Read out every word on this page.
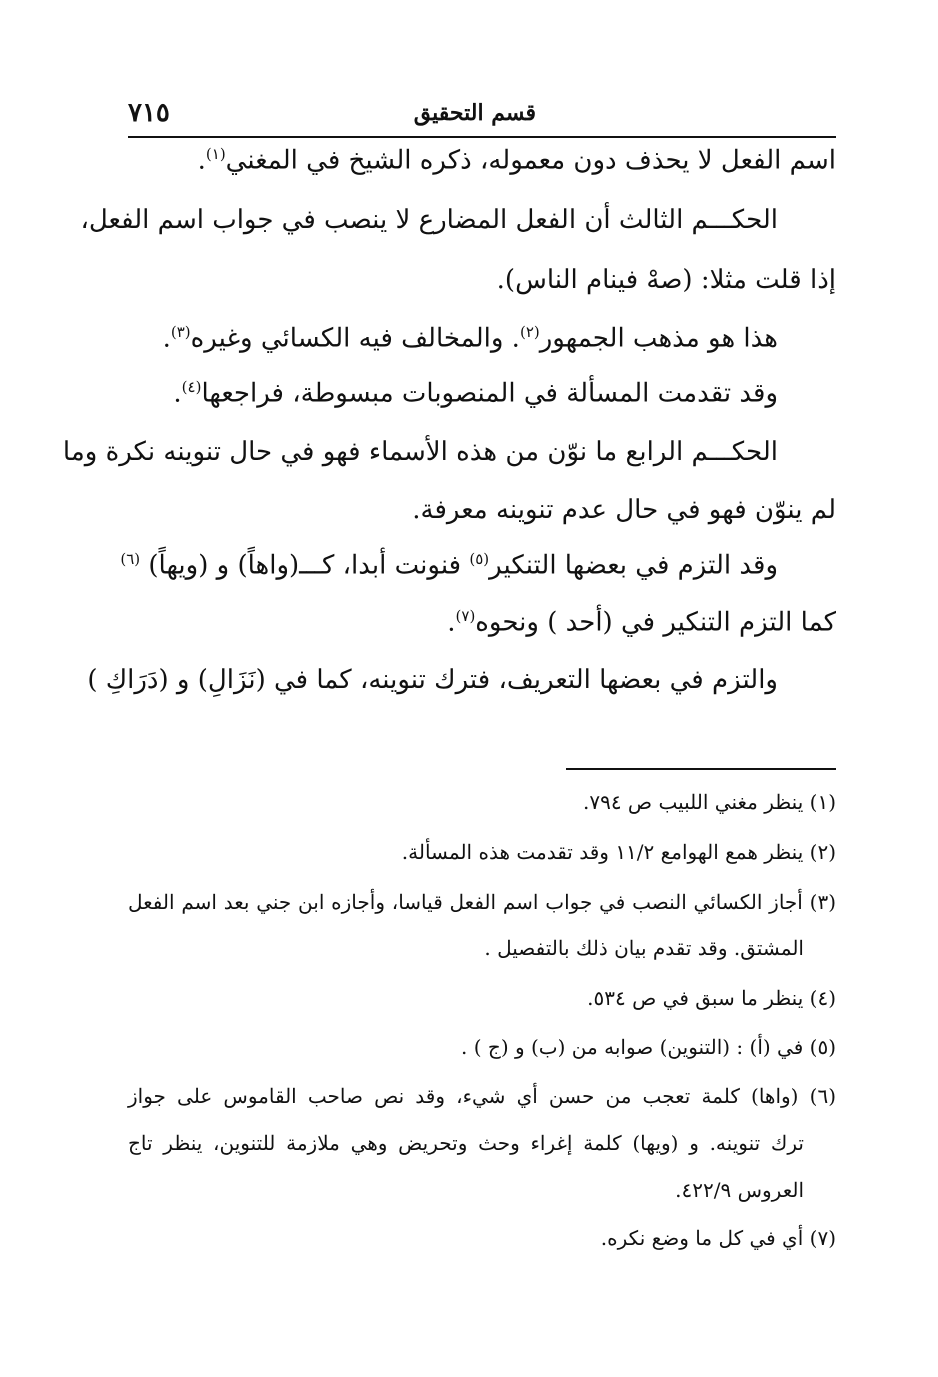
قسم التحقيق
٧١٥
اسم الفعل لا يحذف دون معموله، ذكره الشيخ في المغني$^{(١)}$.
الحكـــم الثالث أن الفعل المضارع لا ينصب في جواب اسم الفعل،
إذا قلت مثلا: (صهْ فينام الناس).
هذا هو مذهب الجمهور$^{(٢)}$. والمخالف فيه الكسائي وغيره$^{(٣)}$.
وقد تقدمت المسألة في المنصوبات مبسوطة، فراجعها$^{(٤)}$.
الحكـــم الرابع ما نوّن من هذه الأسماء فهو في حال تنوينه نكرة وما
لم ينوّن فهو في حال عدم تنوينه معرفة.
وقد التزم في بعضها التنكير$^{(٥)}$ فنونت أبدا، كـــ(واهاً) و (ويهاً) $^{(٦)}$
كما التزم التنكير في (أحد ) ونحوه$^{(٧)}$.
والتزم في بعضها التعريف، فترك تنوينه، كما في (نَزَالِ) و (دَرَاكِ )
(١) ينظر مغني اللبيب ص ٧٩٤.
(٢) ينظر همع الهوامع ١١/٢ وقد تقدمت هذه المسألة.
(٣) أجاز الكسائي النصب في جواب اسم الفعل قياسا، وأجازه ابن جني بعد اسم الفعل
المشتق. وقد تقدم بيان ذلك بالتفصيل .
(٤) ينظر ما سبق في ص ٥٣٤.
(٥) في (أ) : (التنوين) صوابه من (ب) و (ج ) .
(٦) (واها) كلمة تعجب من حسن أي شيء، وقد نص صاحب القاموس على جواز
ترك تنوينه. و (ويها) كلمة إغراء وحث وتحريض وهي ملازمة للتنوين، ينظر تاج
العروس ٤٢٢/٩.
(٧) أي في كل ما وضع نكره.
